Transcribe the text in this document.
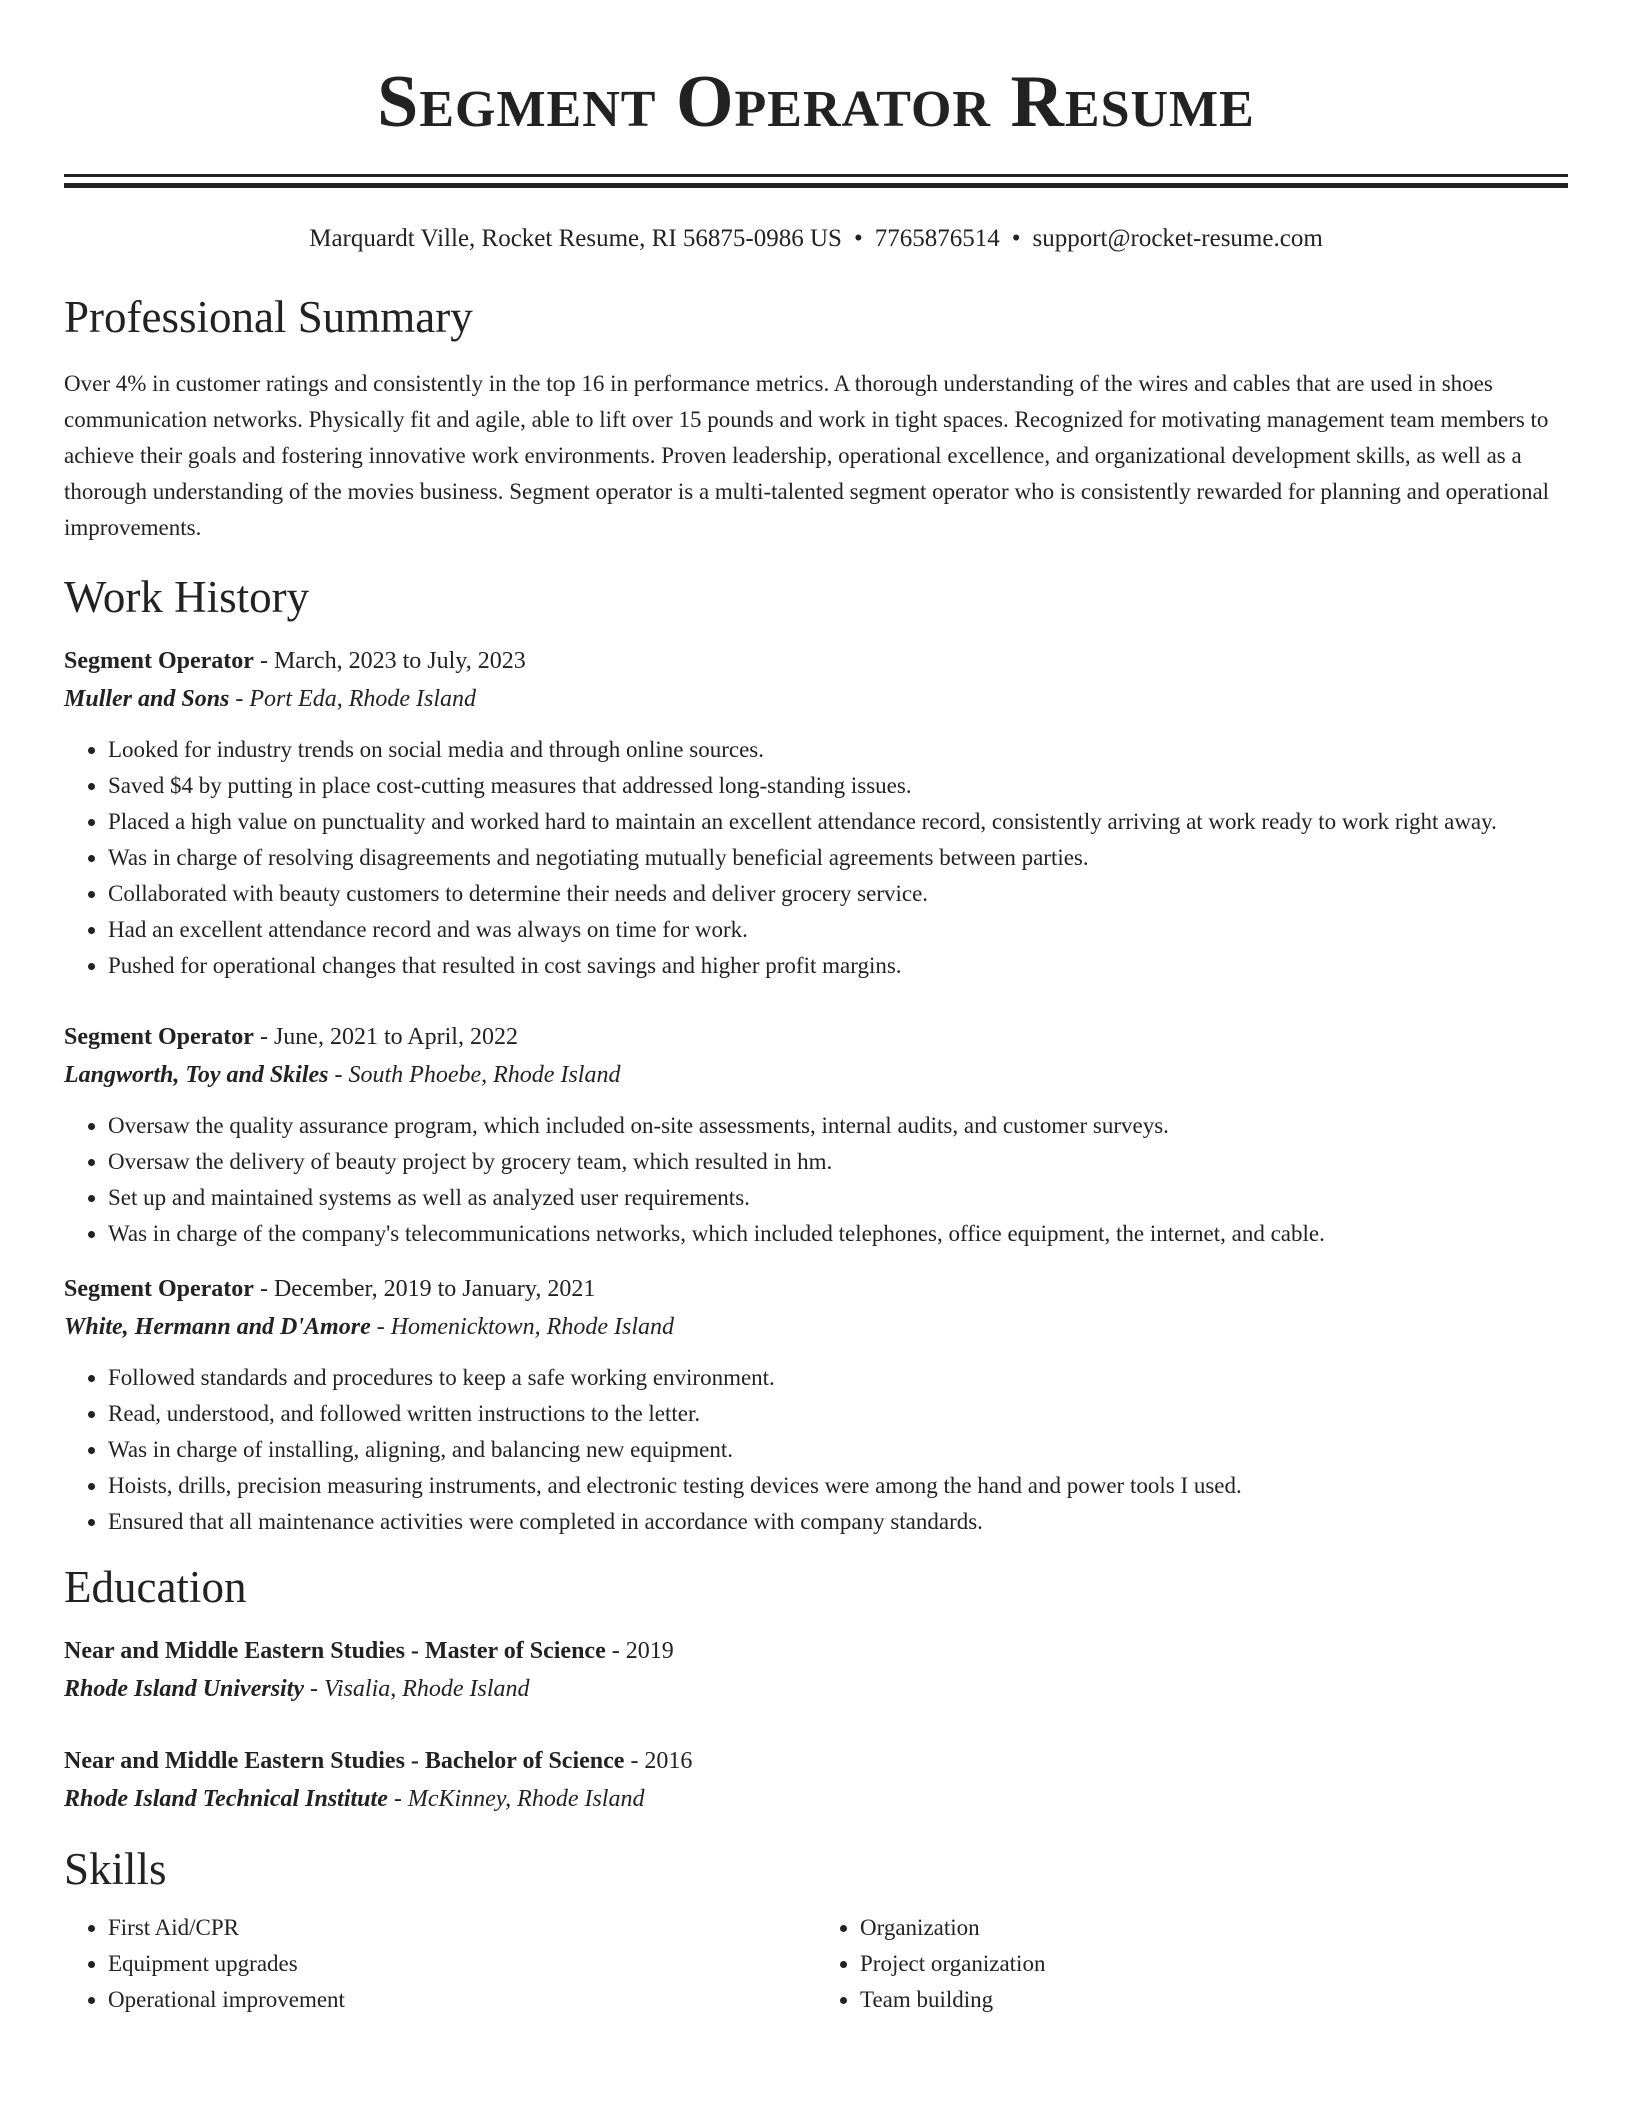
Segment Operator Resume
Marquardt Ville, Rocket Resume, RI 56875-0986 US • 7765876514 • support@rocket-resume.com
Professional Summary
Over 4% in customer ratings and consistently in the top 16 in performance metrics. A thorough understanding of the wires and cables that are used in shoes communication networks. Physically fit and agile, able to lift over 15 pounds and work in tight spaces. Recognized for motivating management team members to achieve their goals and fostering innovative work environments. Proven leadership, operational excellence, and organizational development skills, as well as a thorough understanding of the movies business. Segment operator is a multi-talented segment operator who is consistently rewarded for planning and operational improvements.
Work History
Segment Operator - March, 2023 to July, 2023
Muller and Sons - Port Eda, Rhode Island
• Looked for industry trends on social media and through online sources.
• Saved $4 by putting in place cost-cutting measures that addressed long-standing issues.
• Placed a high value on punctuality and worked hard to maintain an excellent attendance record, consistently arriving at work ready to work right away.
• Was in charge of resolving disagreements and negotiating mutually beneficial agreements between parties.
• Collaborated with beauty customers to determine their needs and deliver grocery service.
• Had an excellent attendance record and was always on time for work.
• Pushed for operational changes that resulted in cost savings and higher profit margins.
Segment Operator - June, 2021 to April, 2022
Langworth, Toy and Skiles - South Phoebe, Rhode Island
• Oversaw the quality assurance program, which included on-site assessments, internal audits, and customer surveys.
• Oversaw the delivery of beauty project by grocery team, which resulted in hm.
• Set up and maintained systems as well as analyzed user requirements.
• Was in charge of the company's telecommunications networks, which included telephones, office equipment, the internet, and cable.
Segment Operator - December, 2019 to January, 2021
White, Hermann and D'Amore - Homenicktown, Rhode Island
• Followed standards and procedures to keep a safe working environment.
• Read, understood, and followed written instructions to the letter.
• Was in charge of installing, aligning, and balancing new equipment.
• Hoists, drills, precision measuring instruments, and electronic testing devices were among the hand and power tools I used.
• Ensured that all maintenance activities were completed in accordance with company standards.
Education
Near and Middle Eastern Studies - Master of Science - 2019
Rhode Island University - Visalia, Rhode Island
Near and Middle Eastern Studies - Bachelor of Science - 2016
Rhode Island Technical Institute - McKinney, Rhode Island
Skills
• First Aid/CPR
• Equipment upgrades
• Operational improvement
• Organization
• Project organization
• Team building
